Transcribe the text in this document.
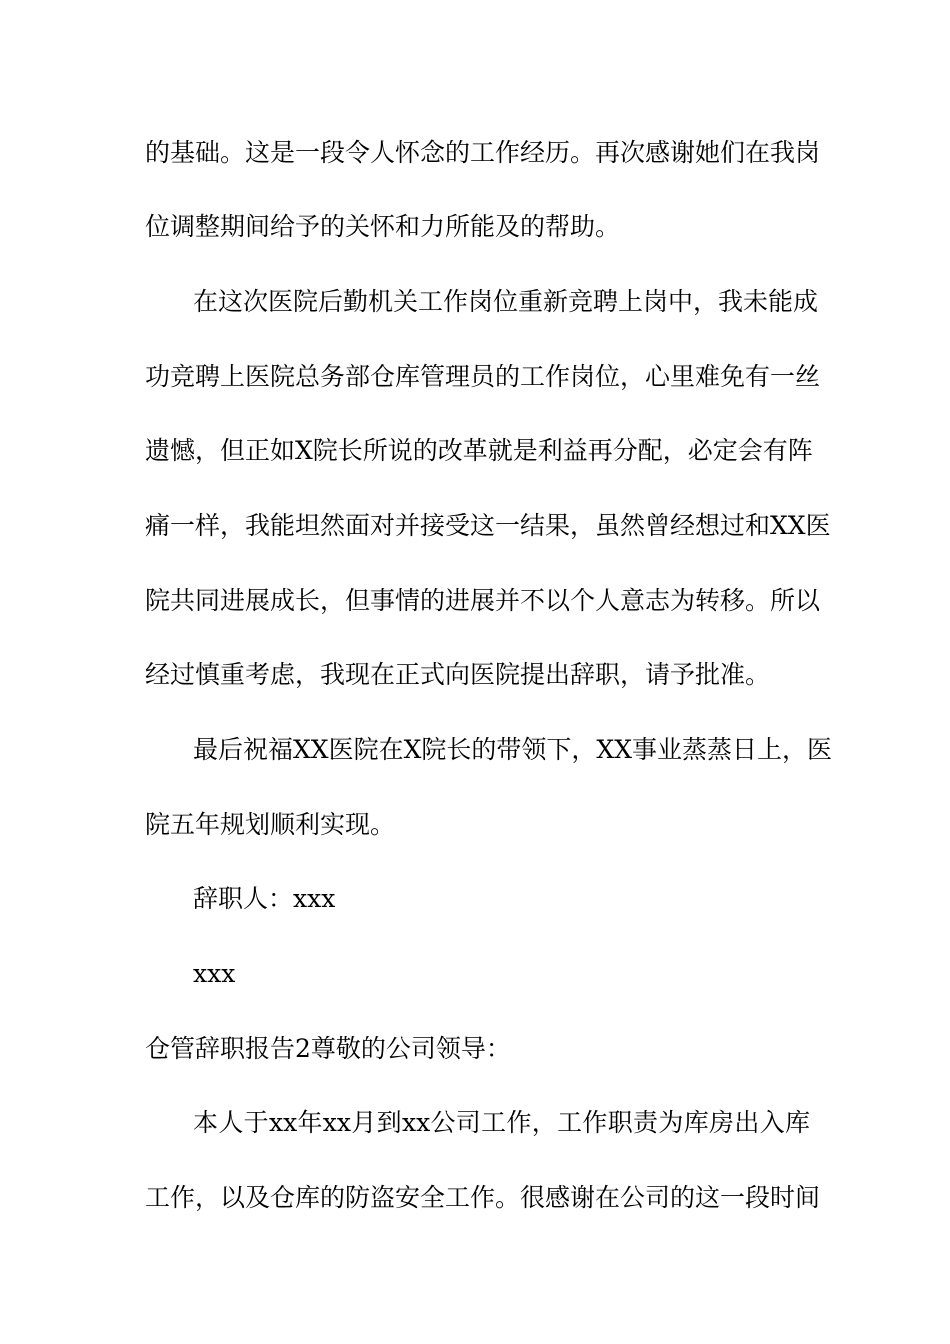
的基础。这是一段令人怀念的工作经历。再次感谢她们在我岗

位调整期间给予的关怀和力所能及的帮助。

在这次医院后勤机关工作岗位重新竞聘上岗中，我未能成

功竞聘上医院总务部仓库管理员的工作岗位，心里难免有一丝

遗憾，但正如X院长所说的改革就是利益再分配，必定会有阵

痛一样，我能坦然面对并接受这一结果，虽然曾经想过和XX医

院共同进展成长，但事情的进展并不以个人意志为转移。所以

经过慎重考虑，我现在正式向医院提出辞职，请予批准。

最后祝福XX医院在X院长的带领下，XX事业蒸蒸日上，医

院五年规划顺利实现。

辞职人：xxx

xxx

仓管辞职报告2尊敬的公司领导：

本人于xx年xx月到xx公司工作，工作职责为库房出入库

工作，以及仓库的防盗安全工作。很感谢在公司的这一段时间
